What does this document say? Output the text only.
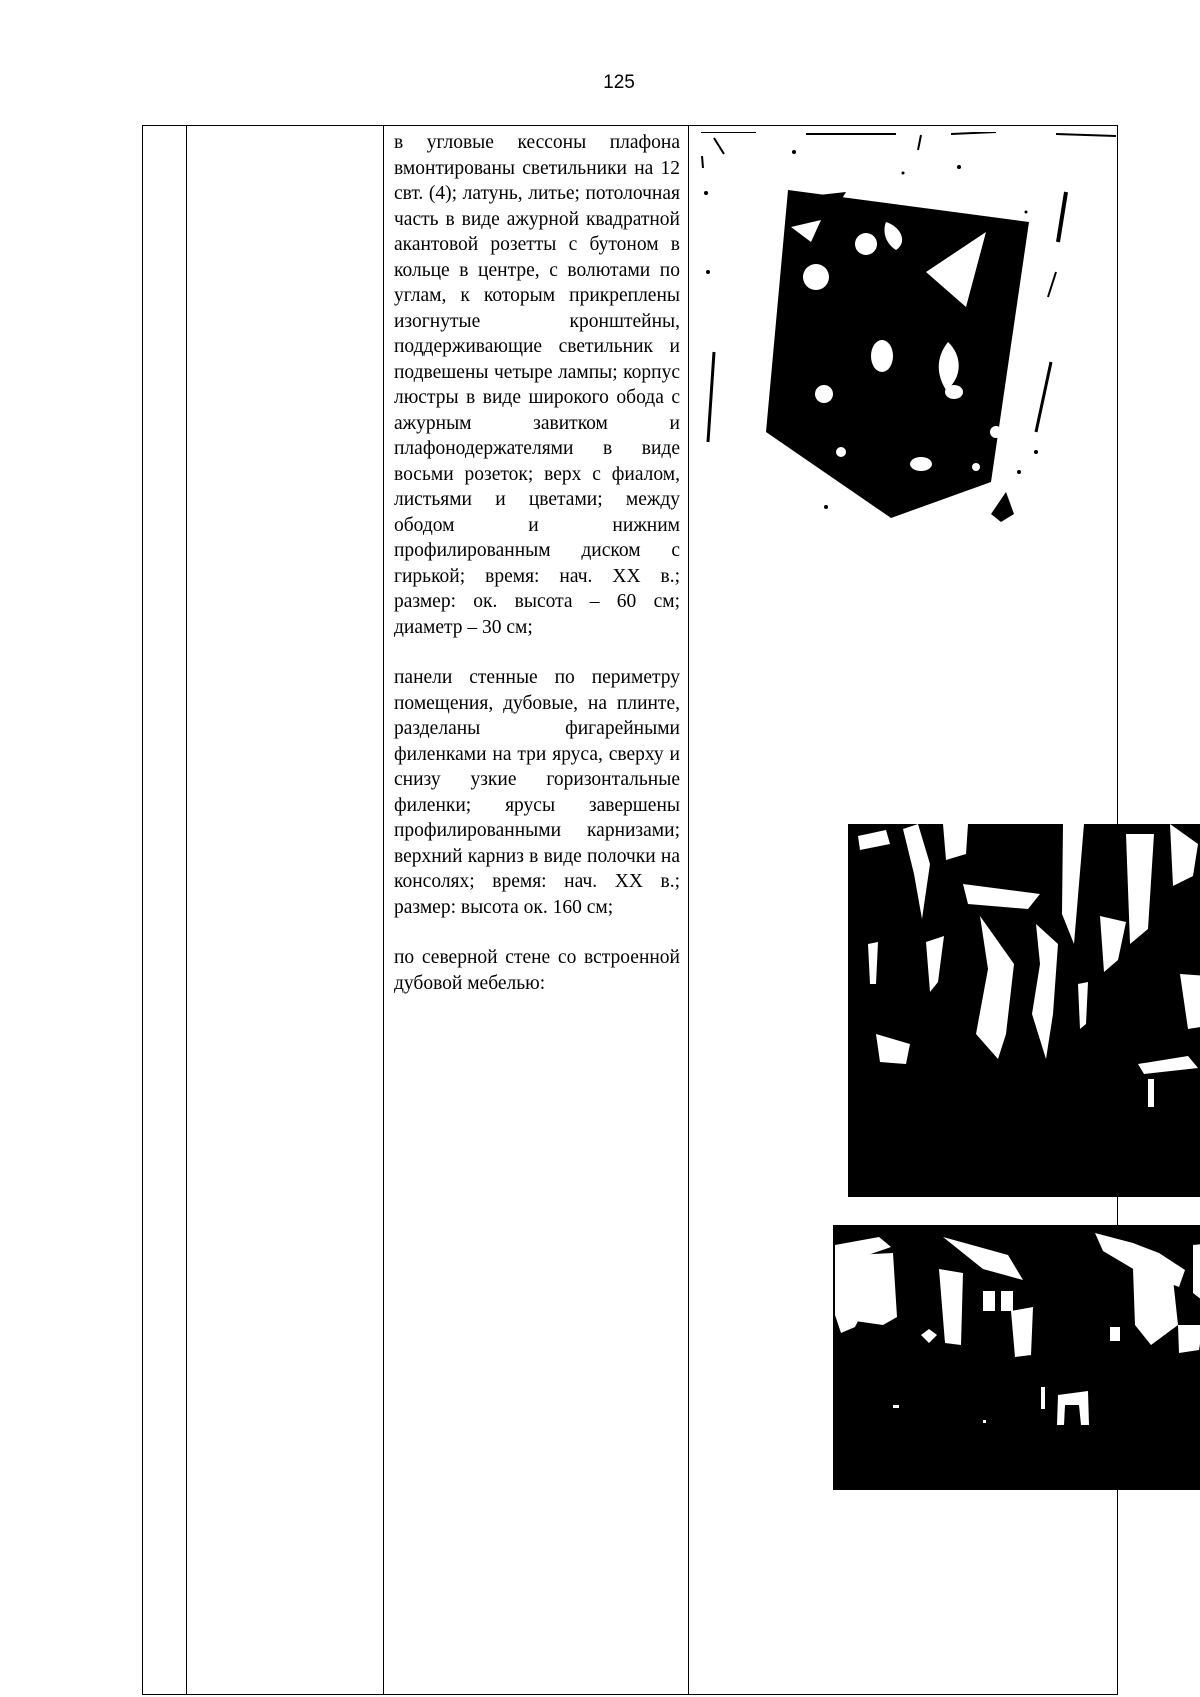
125

в угловые кессоны плафона вмонтированы светильники на 12 свт. (4); латунь, литье; потолочная часть в виде ажурной квадратной акантовой розетты с бутоном в кольце в центре, с волютами по углам, к которым прикреплены изогнутые кронштейны, поддерживающие светильник и подвешены четыре лампы; корпус люстры в виде широкого обода с ажурным завитком и плафонодержателями в виде восьми розеток; верх с фиалом, листьями и цветами; между ободом и нижним профилированным диском с гирькой; время: нач. XX в.; размер: ок. высота – 60 см; диаметр – 30 см;

панели стенные по периметру помещения, дубовые, на плинте, разделаны фигарейными филенками на три яруса, сверху и снизу узкие горизонтальные филенки; ярусы завершены профилированными карнизами; верхний карниз в виде полочки на консолях; время: нач. XX в.; размер: высота ок. 160 см;

по северной стене со встроенной дубовой мебелью:
